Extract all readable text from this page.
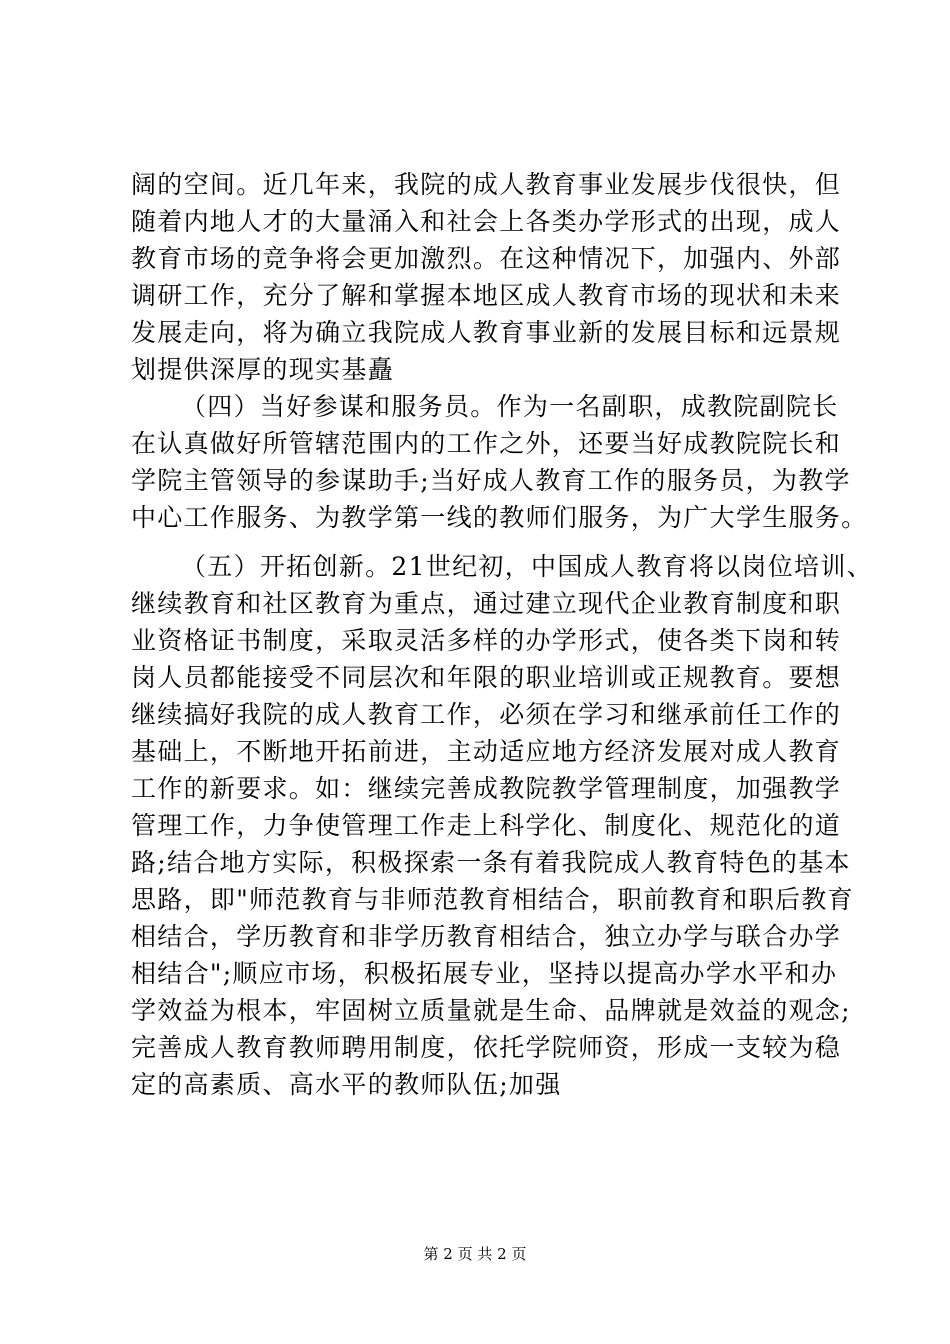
阔的空间。近几年来，我院的成人教育事业发展步伐很快，但
随着内地人才的大量涌入和社会上各类办学形式的出现，成人
教育市场的竞争将会更加激烈。在这种情况下，加强内、外部
调研工作，充分了解和掌握本地区成人教育市场的现状和未来
发展走向，将为确立我院成人教育事业新的发展目标和远景规
划提供深厚的现实基矗
（四）当好参谋和服务员。作为一名副职，成教院副院长
在认真做好所管辖范围内的工作之外，还要当好成教院院长和
学院主管领导的参谋助手;当好成人教育工作的服务员，为教学
中心工作服务、为教学第一线的教师们服务，为广大学生服务。
（五）开拓创新。21世纪初，中国成人教育将以岗位培训、
继续教育和社区教育为重点，通过建立现代企业教育制度和职
业资格证书制度，采取灵活多样的办学形式，使各类下岗和转
岗人员都能接受不同层次和年限的职业培训或正规教育。要想
继续搞好我院的成人教育工作，必须在学习和继承前任工作的
基础上，不断地开拓前进，主动适应地方经济发展对成人教育
工作的新要求。如：继续完善成教院教学管理制度，加强教学
管理工作，力争使管理工作走上科学化、制度化、规范化的道
路;结合地方实际，积极探索一条有着我院成人教育特色的基本
思路，即"师范教育与非师范教育相结合，职前教育和职后教育
相结合，学历教育和非学历教育相结合，独立办学与联合办学
相结合";顺应市场，积极拓展专业，坚持以提高办学水平和办
学效益为根本，牢固树立质量就是生命、品牌就是效益的观念;
完善成人教育教师聘用制度，依托学院师资，形成一支较为稳
定的高素质、高水平的教师队伍;加强
第 2 页 共 2 页
